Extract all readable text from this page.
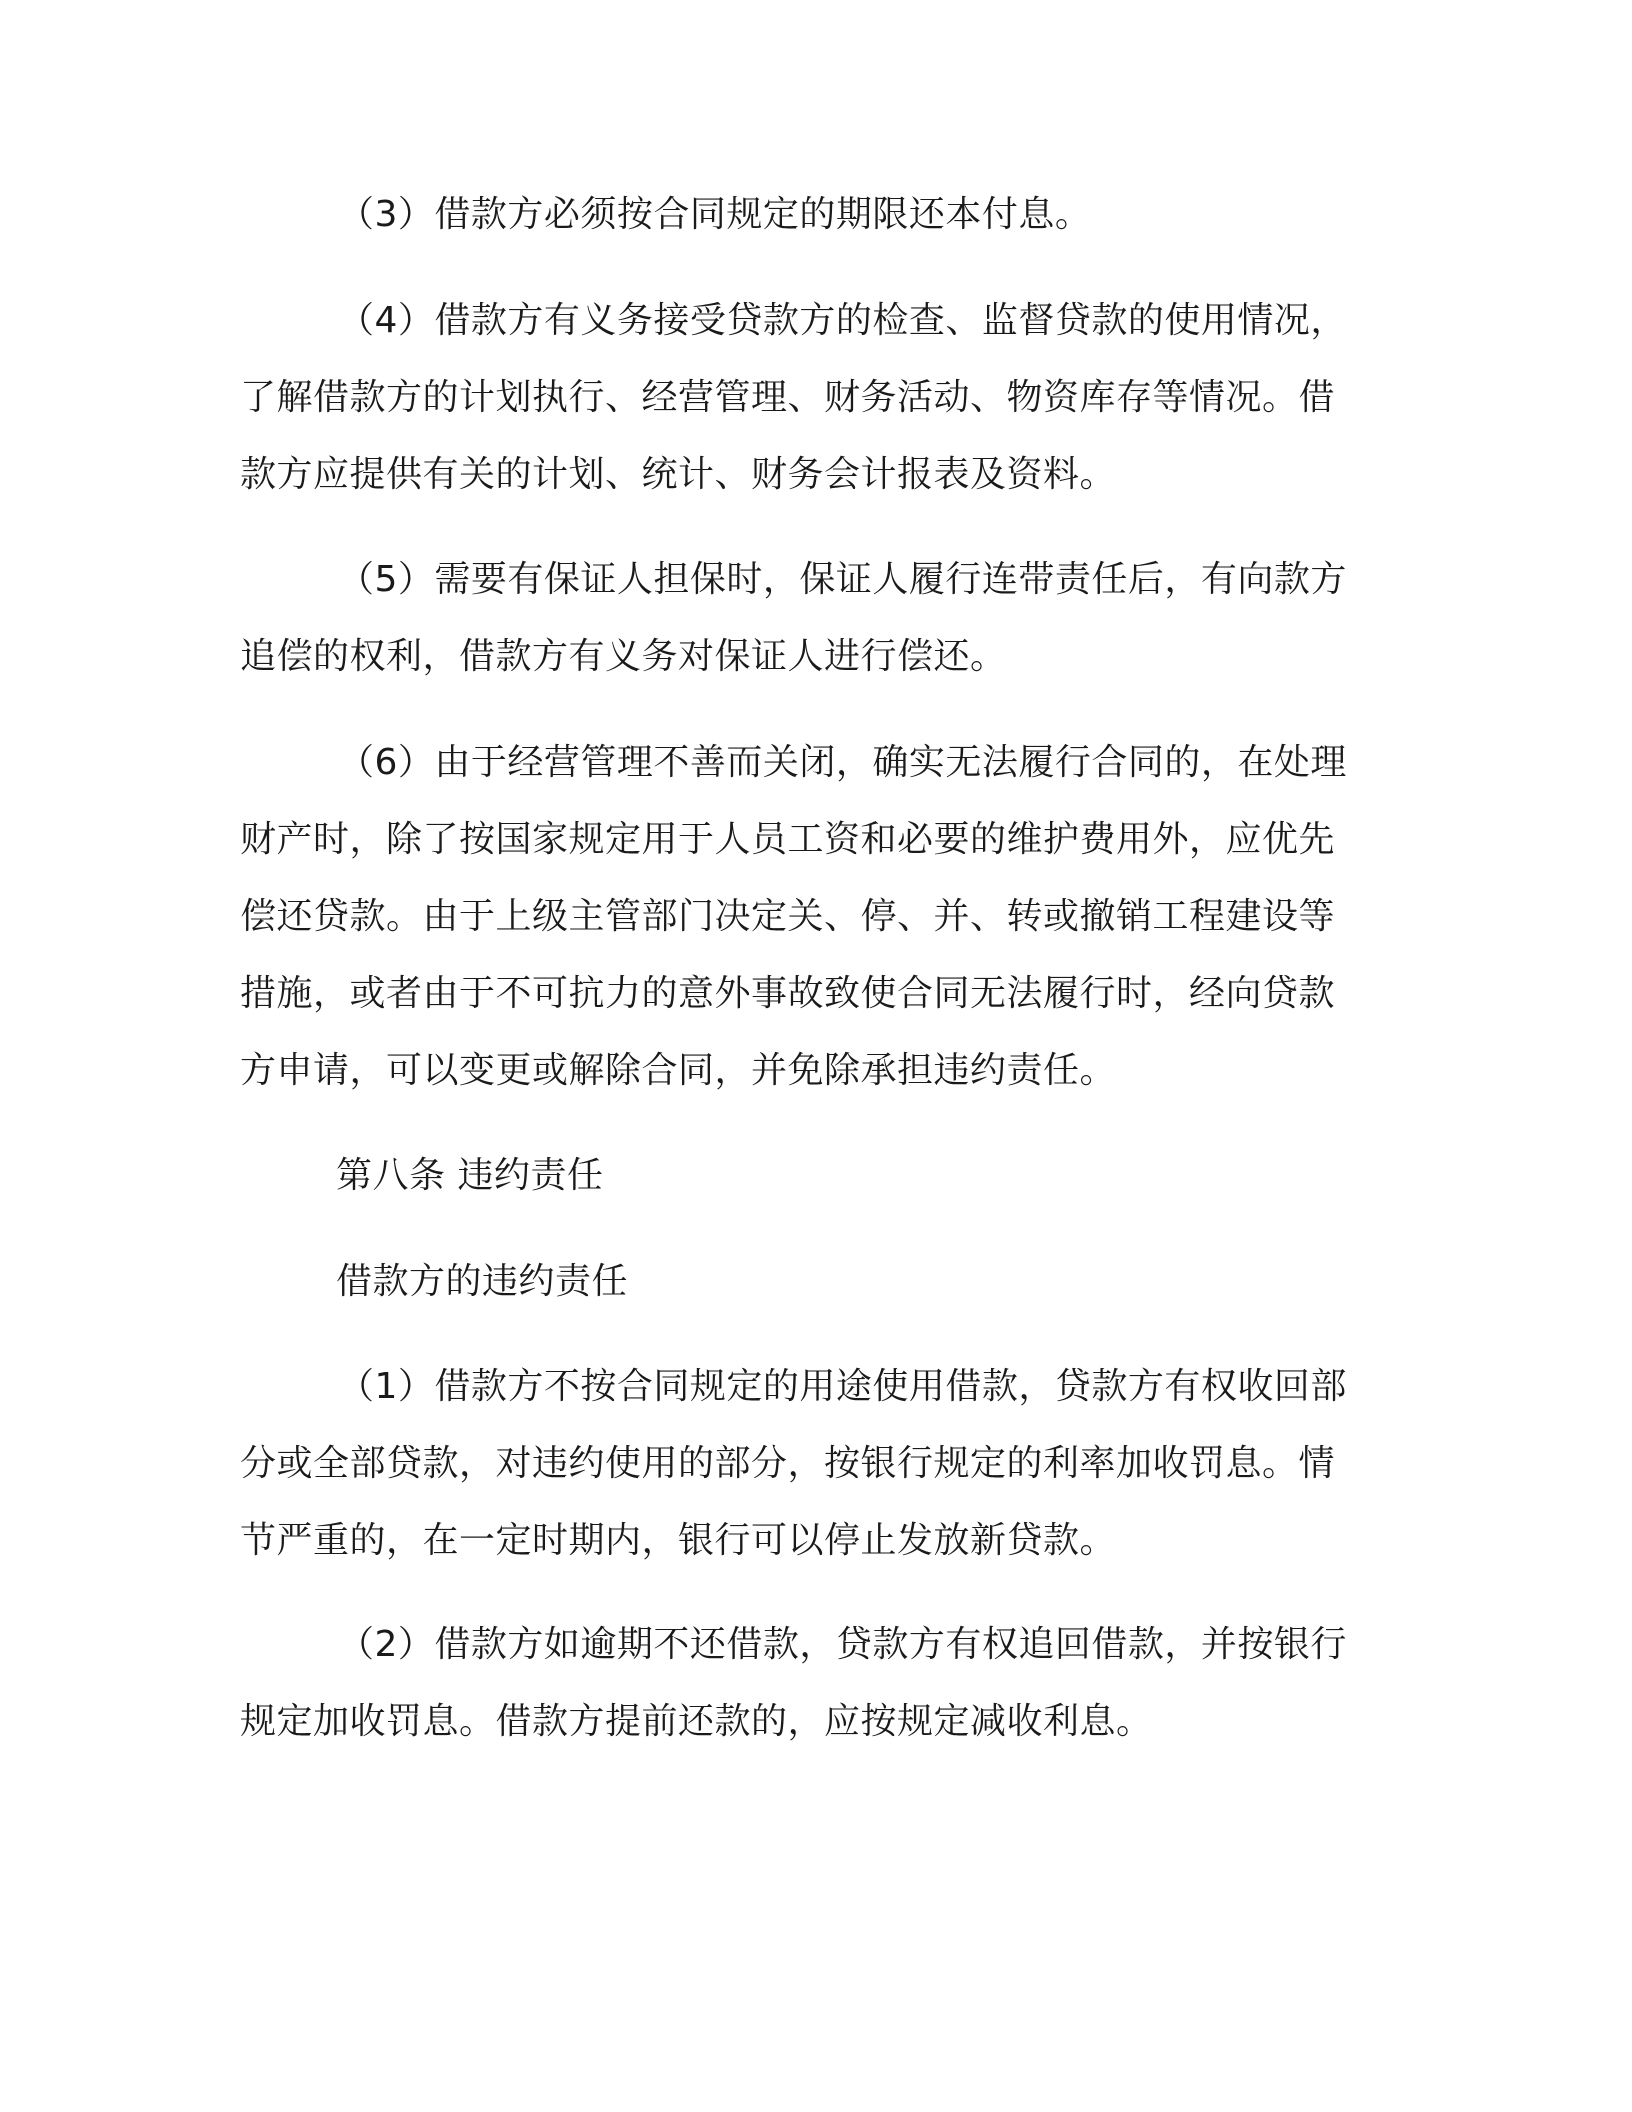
（3）借款方必须按合同规定的期限还本付息。
（4）借款方有义务接受贷款方的检查、监督贷款的使用情况，
了解借款方的计划执行、经营管理、财务活动、物资库存等情况。借
款方应提供有关的计划、统计、财务会计报表及资料。
（5）需要有保证人担保时，保证人履行连带责任后，有向款方
追偿的权利，借款方有义务对保证人进行偿还。
（6）由于经营管理不善而关闭，确实无法履行合同的，在处理
财产时，除了按国家规定用于人员工资和必要的维护费用外，应优先
偿还贷款。由于上级主管部门决定关、停、并、转或撤销工程建设等
措施，或者由于不可抗力的意外事故致使合同无法履行时，经向贷款
方申请，可以变更或解除合同，并免除承担违约责任。
第八条 违约责任
借款方的违约责任
（1）借款方不按合同规定的用途使用借款，贷款方有权收回部
分或全部贷款，对违约使用的部分，按银行规定的利率加收罚息。情
节严重的，在一定时期内，银行可以停止发放新贷款。
（2）借款方如逾期不还借款，贷款方有权追回借款，并按银行
规定加收罚息。借款方提前还款的，应按规定减收利息。
